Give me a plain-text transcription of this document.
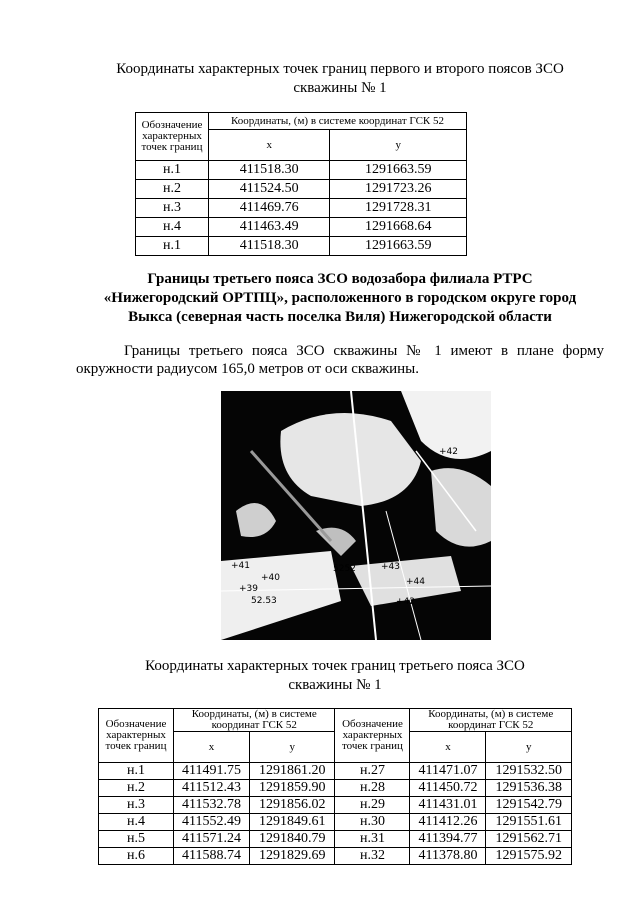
Координаты характерных точек границ первого и второго поясов ЗСО
скважины № 1
Обозначение характерных точек границ	Координаты, (м) в системе координат ГСК 52	
	x	y
н.1	411518.30	1291663.59
н.2	411524.50	1291723.26
н.3	411469.76	1291728.31
н.4	411463.49	1291668.64
н.1	411518.30	1291663.59
Границы третьего пояса ЗСО водозабора филиала РТРС
«Нижегородский ОРТПЦ», расположенного в городском округе город
Выкса (северная часть поселка Виля) Нижегородской области
Границы третьего пояса ЗСО скважины № 1 имеют в плане форму окружности радиусом 165,0 метров от оси скважины.
+42
5252	+43
+44
+42
+41
+39
+40
52.53
Координаты характерных точек границ третьего пояса ЗСО
скважины № 1
Обозначение характерных точек границ	Координаты, (м) в системе координат ГСК 52		Обозначение характерных точек границ	Координаты, (м) в системе координат ГСК 52	
	x	y		x	y
н.1	411491.75	1291861.20	н.27	411471.07	1291532.50
н.2	411512.43	1291859.90	н.28	411450.72	1291536.38
н.3	411532.78	1291856.02	н.29	411431.01	1291542.79
н.4	411552.49	1291849.61	н.30	411412.26	1291551.61
н.5	411571.24	1291840.79	н.31	411394.77	1291562.71
н.6	411588.74	1291829.69	н.32	411378.80	1291575.92
